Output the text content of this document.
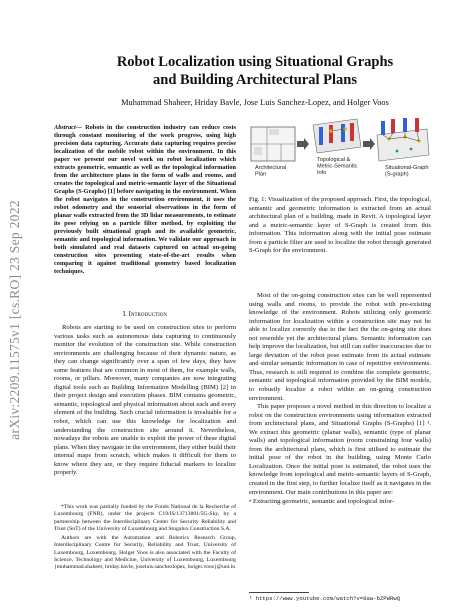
arXiv:2209.11575v1 [cs.RO] 23 Sep 2022
Robot Localization using Situational Graphs
and Building Architectural Plans
Muhammad Shaheer, Hriday Bavle, Jose Luis Sanchez-Lopez, and Holger Voos
Abstract— Robots in the construction industry can reduce costs through constant monitoring of the work progress, using high precision data capturing. Accurate data capturing requires precise localization of the mobile robot within the environment. In this paper we present our novel work on robot localization which extracts geometric, semantic as well as the topological information from the architecture plans in the form of walls and rooms, and creates the topological and metric-semantic layer of the Situational Graphs (S-Graphs) [1] before navigating in the environment. When the robot navigates in the construction environment, it uses the robot odometry and the sensorial observations in the form of planar walls extracted from the 3D lidar measurements, to estimate its pose relying on a particle filter method, by exploiting the previously built situational graph and its available geometric, semantic and topological information. We validate our approach in both simulated and real datasets captured on actual on-going construction sites presenting state-of-the-art results when comparing it against traditional geometry based localization techniques.
I. Introduction

Robots are starting to be used on construction sites to perform various tasks such as autonomous data capturing to continuously monitor the evolution of the construction site. While construction environments are challenging because of their dynamic nature, as they can change significantly over a span of few days, they have some features that are common in most of them, for example walls, rooms, or pillars. Moreover, many companies are now integrating digital tools such as Building Information Modelling (BIM) [2] in their project design and execution phases. BIM contains geometric, semantic, topological and physical information about each and every element of the building. Such crucial information is invaluable for a robot, which can use this knowledge for localization and understanding the construction site around it. Nevertheless, nowadays the robots are unable to exploit the power of these digital plans. When they navigate in the environment, they either build their internal maps from scratch, which makes it difficult for them to know where they are, or they require fiducial markers to localize properly.

*This work was partially funded by the Fonds National de la Recherche of Luxembourg (FNR), under the projects C19/IS/13713801/5G-Sky, by a partnership between the Interdisciplinary Center for Security Reliability and Trust (SnT) of the University of Luxembourg and Stugalux Construction S.A.

Authors are with the Automation and Robotics Research Group, Interdisciplinary Centre for Security, Reliability and Trust, University of Luxembourg, Luxembourg. Holger Voos is also associated with the Faculty of Science, Technology and Medicine, University of Luxembourg, Luxembourg {muhammad.shaheer, hriday.bavle, joseluis.sanchezlopez, holger.voos}@uni.lu

Architectural Plan
Topological & Metric-Semantic Info
Situational-Graph (S-graph)
Fig. 1: Visualization of the proposed approach. First, the topological, semantic and geometric information is extracted from an actual architectural plan of a building, made in Revit. A topological layer and a metric-semantic layer of S-Graph is created from this information. This information along with the initial pose estimate from a particle filter are used to localize the robot through generated S-Graph for the environment.

Most of the on-going construction sites can be well represented using walls and rooms, to provide the robot with pre-existing knowledge of the environment. Robots utilizing only geometric information for localization within a construction site may not be able to localize correctly due to the fact the the on-going site does not resemble yet the architectural plans. Semantic information can help improve the localization, but still can suffer inaccuracies due to large deviation of the robot pose estimate from its actual estimate and similar semantic information in case of repetitive environments. Thus, research is still required to combine the complete geometric, semantic and topological information provided by the BIM models, to robustly localize a robot within an on-going construction environment.

This paper proposes a novel method in this direction to localize a robot on the construction environments using information extracted from architectural plans, and Situational Graphs (S-Graphs) [1] ¹. We extract this geometric (planar walls), semantic (type of planar walls) and topological information (room constraining four walls) from the architectural plans, which is first utilised to estimate the initial pose of the robot in the building, using Monte Carlo Localization. Once the initial pose is estimated, the robot uses the knowledge from topological and metric-semantic layers of S-Graph, created in the first step, to further localize itself as it navigates in the environment. Our main contributions in this paper are:

• Extracting geometric, semantic and topological infor-
¹ https://www.youtube.com/watch?v=8aw-bZPWRwQ
